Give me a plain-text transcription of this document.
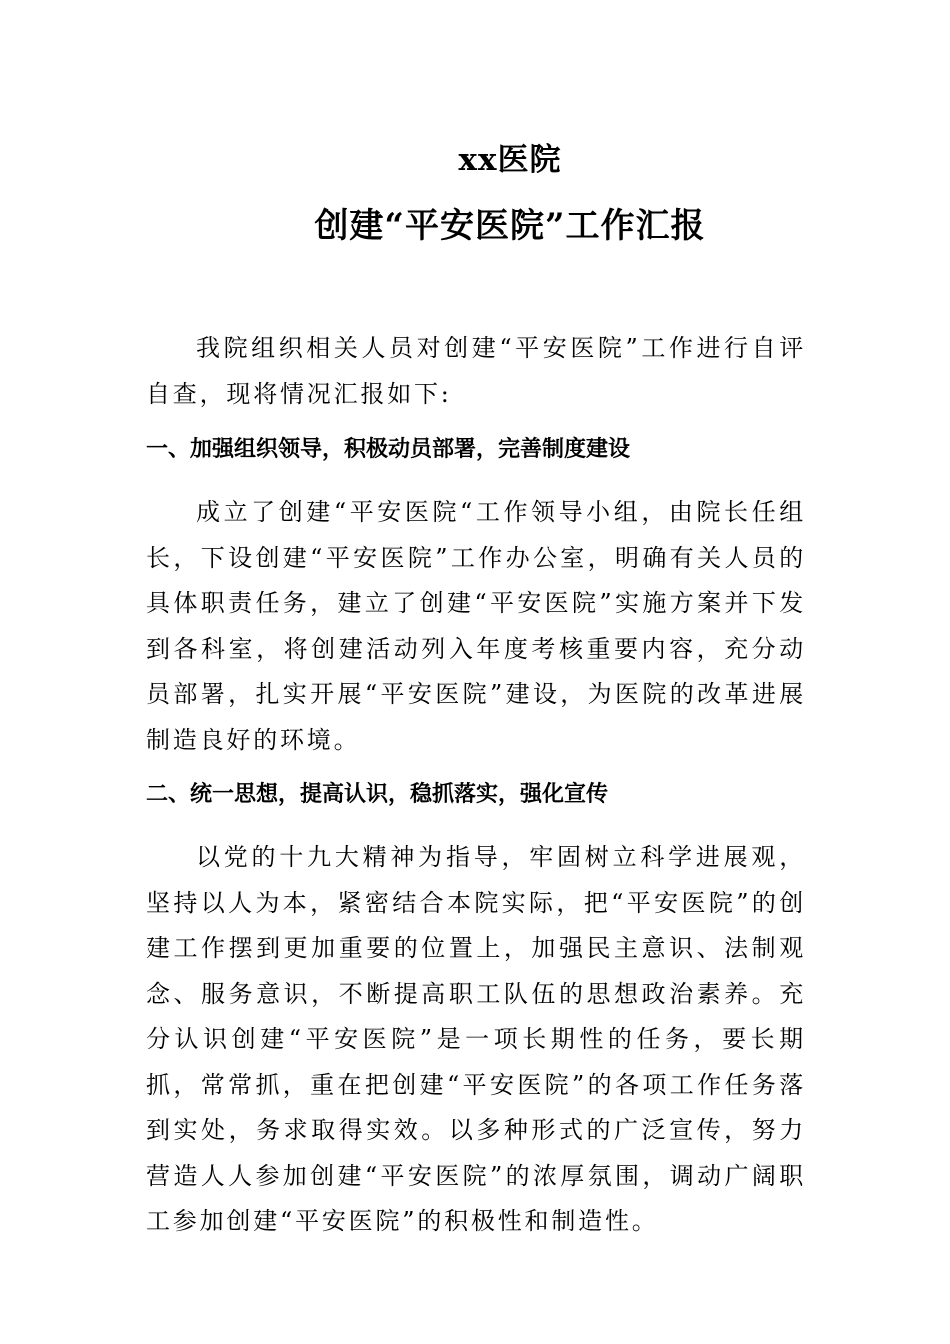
xx医院
创建“平安医院”工作汇报

我院组织相关人员对创建“平安医院”工作进行自评自查，现将情况汇报如下:

一、加强组织领导，积极动员部署，完善制度建设

成立了创建“平安医院“工作领导小组，由院长任组长，下设创建“平安医院”工作办公室，明确有关人员的具体职责任务，建立了创建“平安医院”实施方案并下发到各科室，将创建活动列入年度考核重要内容，充分动员部署，扎实开展“平安医院”建设，为医院的改革进展制造良好的环境。

二、统一思想，提高认识，稳抓落实，强化宣传

以党的十九大精神为指导，牢固树立科学进展观，坚持以人为本，紧密结合本院实际，把“平安医院”的创建工作摆到更加重要的位置上，加强民主意识、法制观念、服务意识，不断提高职工队伍的思想政治素养。充分认识创建“平安医院”是一项长期性的任务，要长期抓，常常抓，重在把创建“平安医院”的各项工作任务落到实处，务求取得实效。以多种形式的广泛宣传，努力营造人人参加创建“平安医院”的浓厚氛围，调动广阔职工参加创建“平安医院”的积极性和制造性。
